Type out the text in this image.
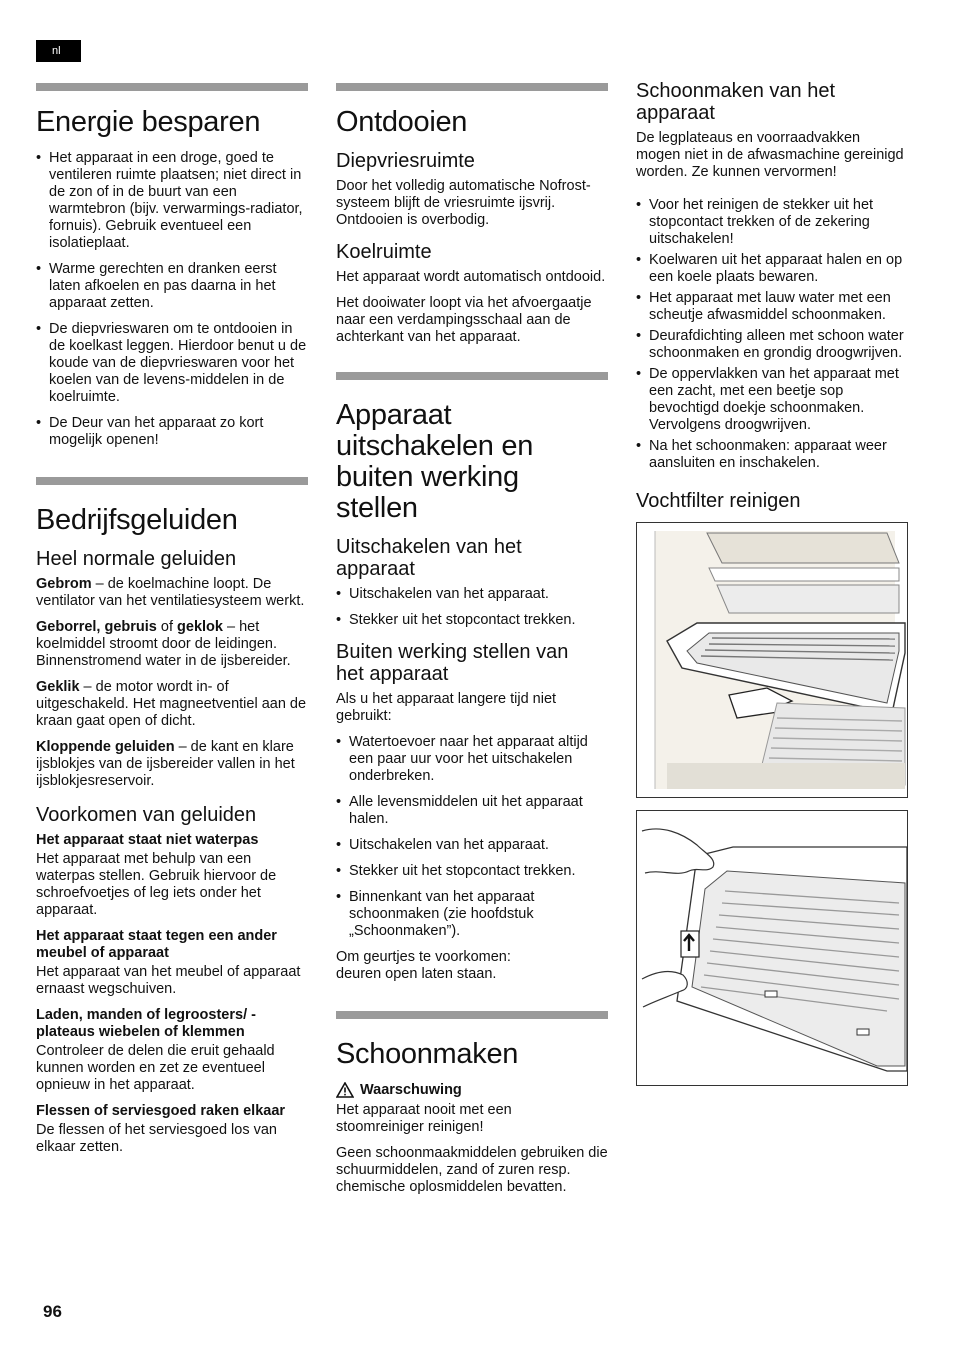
nl
Energie besparen
• Het apparaat in een droge, goed te ventileren ruimte plaatsen; niet direct in de zon of in de buurt van een warmtebron (bijv. verwarmings-radiator, fornuis). Gebruik eventueel een isolatieplaat.
• Warme gerechten en dranken eerst laten afkoelen en pas daarna in het apparaat zetten.
• De diepvrieswaren om te ontdooien in de koelkast leggen. Hierdoor benut u de koude van de diepvrieswaren voor het koelen van de levens-middelen in de koelruimte.
• De Deur van het apparaat zo kort mogelijk openen!
Bedrijfsgeluiden
Heel normale geluiden

Gebrom – de koelmachine loopt. De ventilator van het ventilatiesysteem werkt.

Geborrel, gebruis of geklok – het koelmiddel stroomt door de leidingen. Binnenstromend water in de ijsbereider.

Geklik – de motor wordt in- of uitgeschakeld. Het magneetventiel aan de kraan gaat open of dicht.

Kloppende geluiden – de kant en klare ijsblokjes van de ijsbereider vallen in het ijsblokjesreservoir.

Voorkomen van geluiden
Het apparaat staat niet waterpas

Het apparaat met behulp van een waterpas stellen. Gebruik hiervoor de schroefvoetjes of leg iets onder het apparaat.

Het apparaat staat tegen een ander meubel of apparaat

Het apparaat van het meubel of apparaat ernaast wegschuiven.

Laden, manden of legroosters/ -plateaus wiebelen of klemmen

Controleer de delen die eruit gehaald kunnen worden en zet ze eventueel opnieuw in het apparaat.

Flessen of serviesgoed raken elkaar

De flessen of het serviesgoed los van elkaar zetten.

Ontdooien
Diepvriesruimte

Door het volledig automatische Nofrost-systeem blijft de vriesruimte ijsvrij. Ontdooien is overbodig.

Koelruimte

Het apparaat wordt automatisch ontdooid.

Het dooiwater loopt via het afvoergaatje naar een verdampingsschaal aan de achterkant van het apparaat.

Apparaat uitschakelen en buiten werking stellen
Uitschakelen van het apparaat
• Uitschakelen van het apparaat.
• Stekker uit het stopcontact trekken.
Buiten werking stellen van het apparaat

Als u het apparaat langere tijd niet gebruikt:

• Watertoevoer naar het apparaat altijd een paar uur voor het uitschakelen onderbreken.
• Alle levensmiddelen uit het apparaat halen.
• Uitschakelen van het apparaat.
• Stekker uit het stopcontact trekken.
• Binnenkant van het apparaat schoonmaken (zie hoofdstuk „Schoonmaken”).

Om geurtjes te voorkomen: deuren open laten staan.

Schoonmaken
Waarschuwing

Het apparaat nooit met een stoomreiniger reinigen!

Geen schoonmaakmiddelen gebruiken die schuurmiddelen, zand of zuren resp. chemische oplosmiddelen bevatten.

Schoonmaken van het apparaat

De legplateaus en voorraadvakken mogen niet in de afwasmachine gereinigd worden. Ze kunnen vervormen!

• Voor het reinigen de stekker uit het stopcontact trekken of de zekering uitschakelen!
• Koelwaren uit het apparaat halen en op een koele plaats bewaren.
• Het apparaat met lauw water met een scheutje afwasmiddel schoonmaken.
• Deurafdichting alleen met schoon water schoonmaken en grondig droogwrijven.
• De oppervlakken van het apparaat met een zacht, met een beetje sop bevochtigd doekje schoonmaken. Vervolgens droogwrijven.
• Na het schoonmaken: apparaat weer aansluiten en inschakelen.
Vochtfilter reinigen
96
